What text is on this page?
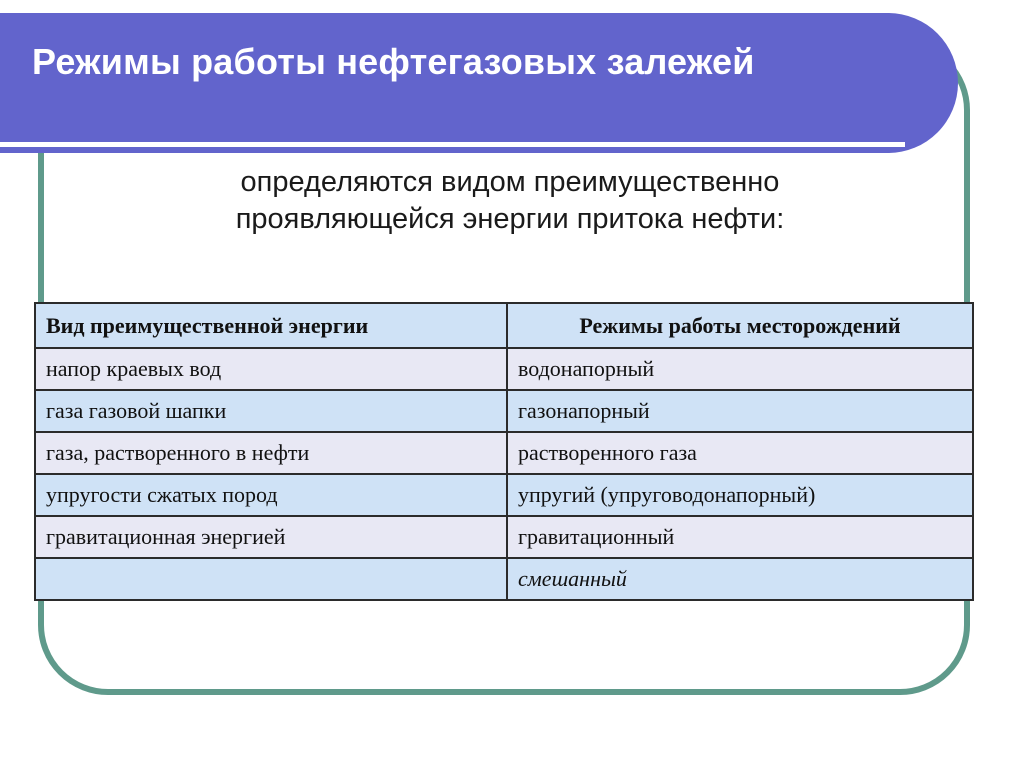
Режимы работы нефтегазовых залежей
определяются видом преимущественно
проявляющейся энергии притока нефти:
Вид преимущественной энергии	Режимы работы месторождений
напор краевых вод	водонапорный
газа газовой шапки	газонапорный
газа, растворенного в нефти	растворенного газа
упругости сжатых пород	упругий (упруговодонапорный)
гравитационная энергией	гравитационный
	смешанный
